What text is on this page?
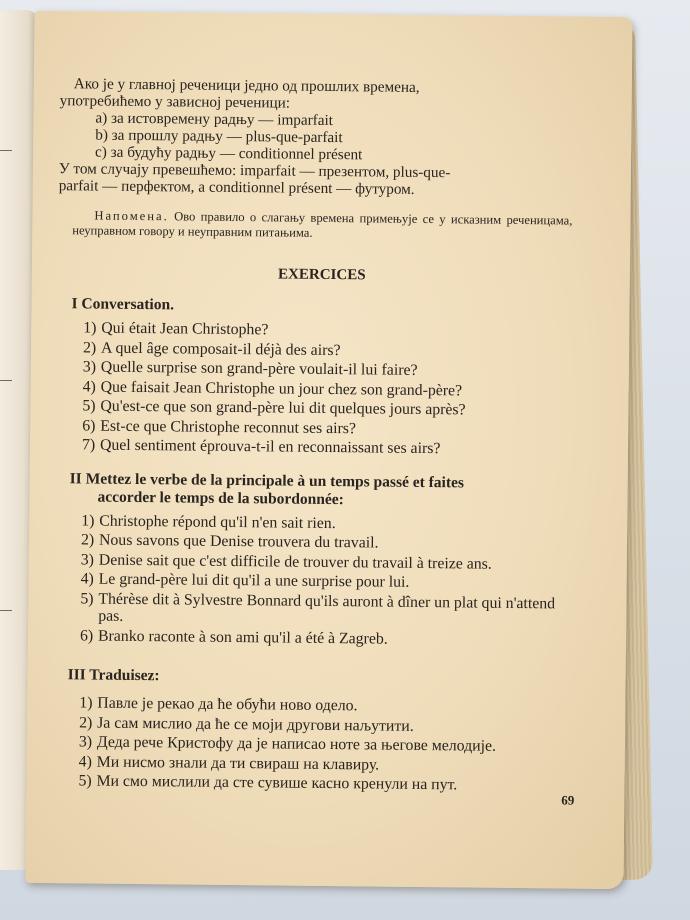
Ако је у главној реченици једно од прошлих времена,

употребићемо у зависној реченици:

a) за истовремену радњу — imparfait

b) за прошлу радњу — plus-que-parfait

c) за будућу радњу — conditionnel présent

У том случају превешћемо: imparfait — презентом, plus-que-

parfait — перфектом, а conditionnel présent — футуром.

Напомена. Ово правило о слагању времена примењује се у исказним реченицама, неуправном говору и неуправним питањима.

EXERCICES
I Conversation.
1) Qui était Jean Christophe?
2) A quel âge composait-il déjà des airs?
3) Quelle surprise son grand-père voulait-il lui faire?
4) Que faisait Jean Christophe un jour chez son grand-père?
5) Qu'est-ce que son grand-père lui dit quelques jours après?
6) Est-ce que Christophe reconnut ses airs?
7) Quel sentiment éprouva-t-il en reconnaissant ses airs?
II Mettez le verbe de la principale à un temps passé et faites
accorder le temps de la subordonnée:
1) Christophe répond qu'il n'en sait rien.
2) Nous savons que Denise trouvera du travail.
3) Denise sait que c'est difficile de trouver du travail à treize ans.
4) Le grand-père lui dit qu'il a une surprise pour lui.
5) Thérèse dit à Sylvestre Bonnard qu'ils auront à dîner un plat qui n'attend pas.
6) Branko raconte à son ami qu'il a été à Zagreb.
III Traduisez:
1) Павле је рекао да ће обући ново одело.
2) Ја сам мислио да ће се моји другови наљутити.
3) Деда рече Кристофу да је написао ноте за његове мелодије.
4) Ми нисмо знали да ти свираш на клавиру.
5) Ми смо мислили да сте сувише касно кренули на пут.
69
